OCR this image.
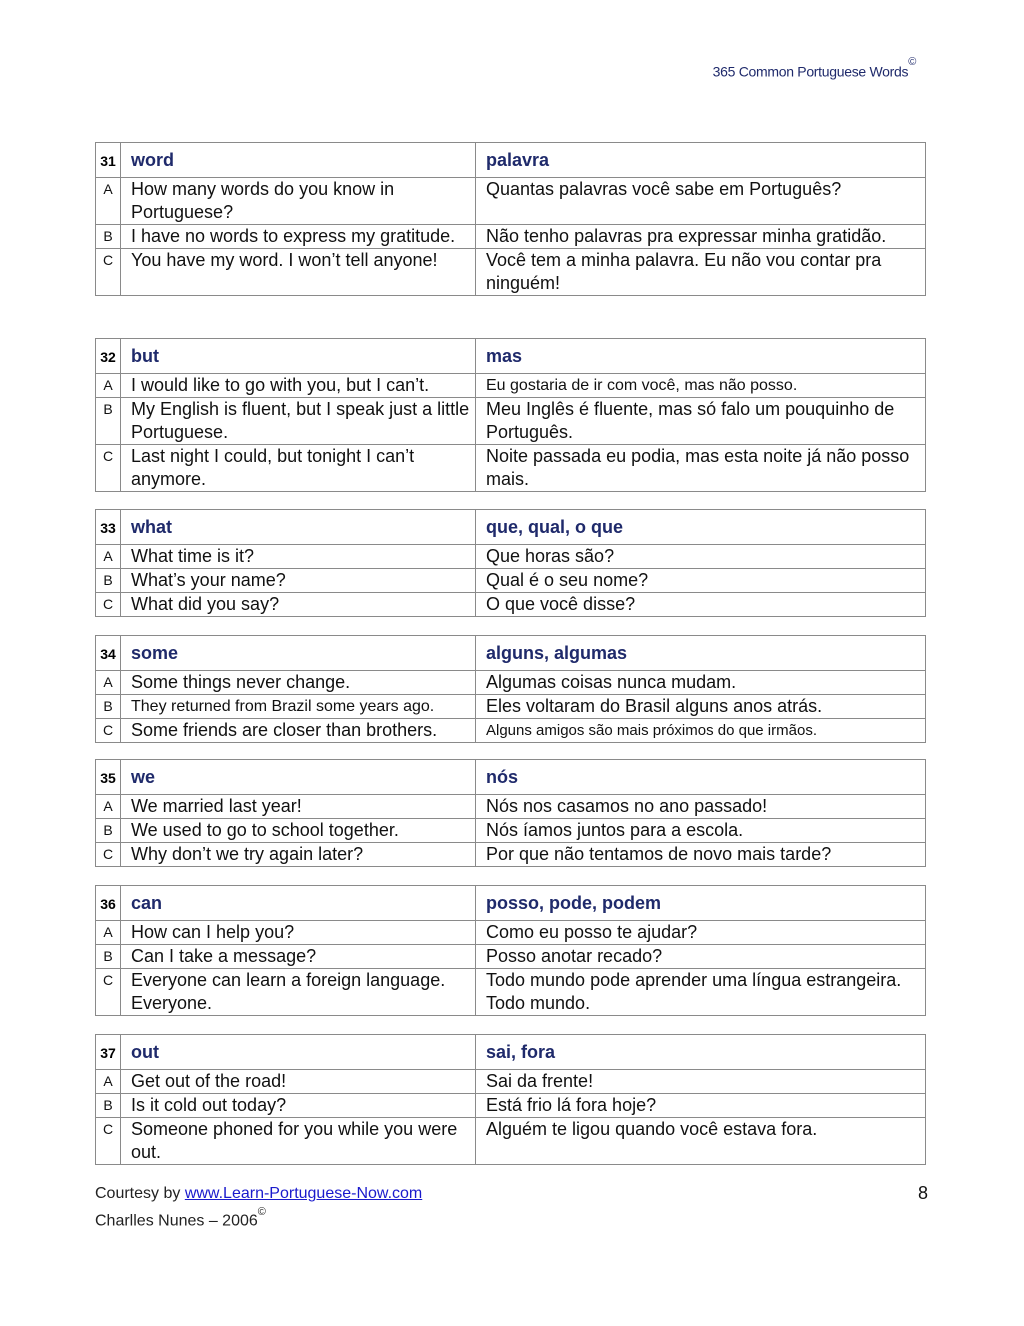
365 Common Portuguese Words©
31	word	palavra
A	How many words do you know in Portuguese?	Quantas palavras você sabe em Português?
B	I have no words to express my gratitude.	Não tenho palavras pra expressar minha gratidão.
C	You have my word. I won’t tell anyone!	Você tem a minha palavra. Eu não vou contar pra ninguém!
32	but	mas
A	I would like to go with you, but I can’t.	Eu gostaria de ir com você, mas não posso.
B	My English is fluent, but I speak just a little Portuguese.	Meu Inglês é fluente, mas só falo um pouquinho de Português.
C	Last night I could, but tonight I can’t anymore.	Noite passada eu podia, mas esta noite já não posso mais.
33	what	que, qual, o que
A	What time is it?	Que horas são?
B	What’s your name?	Qual é o seu nome?
C	What did you say?	O que você disse?
34	some	alguns, algumas
A	Some things never change.	Algumas coisas nunca mudam.
B	They returned from Brazil some years ago.	Eles voltaram do Brasil alguns anos atrás.
C	Some friends are closer than brothers.	Alguns amigos são mais próximos do que irmãos.
35	we	nós
A	We married last year!	Nós nos casamos no ano passado!
B	We used to go to school together.	Nós íamos juntos para a escola.
C	Why don’t we try again later?	Por que não tentamos de novo mais tarde?
36	can	posso, pode, podem
A	How can I help you?	Como eu posso te ajudar?
B	Can I take a message?	Posso anotar recado?
C	Everyone can learn a foreign language. Everyone.	Todo mundo pode aprender uma língua estrangeira. Todo mundo.
37	out	sai, fora
A	Get out of the road!	Sai da frente!
B	Is it cold out today?	Está frio lá fora hoje?
C	Someone phoned for you while you were out.	Alguém te ligou quando você estava fora.
Courtesy by www.Learn-Portuguese-Now.com
Charlles Nunes – 2006©
8
